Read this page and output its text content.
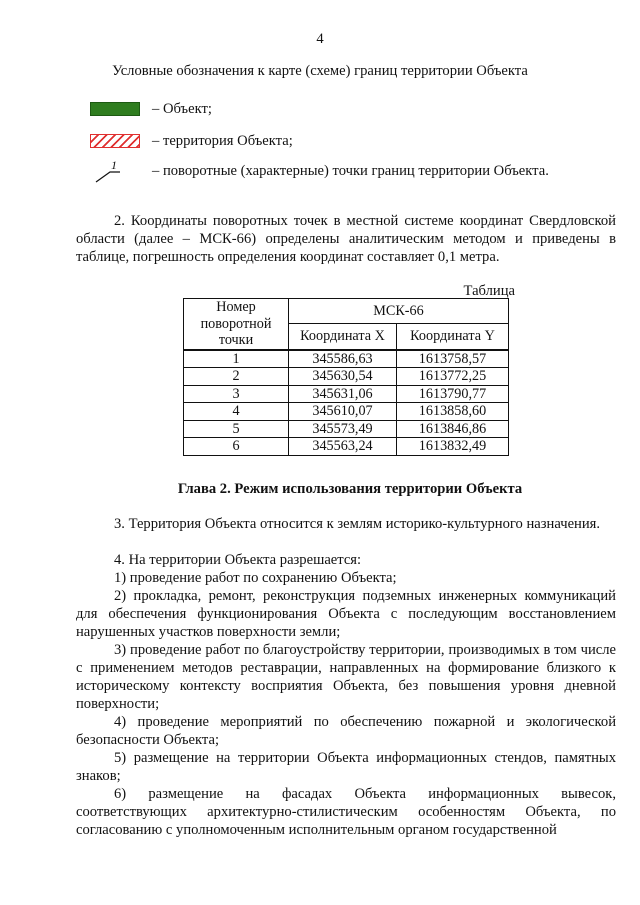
4
Условные обозначения к карте (схеме) границ территории Объекта
– Объект;
– территория Объекта;
1 – поворотные (характерные) точки границ территории Объекта.
2. Координаты поворотных точек в местной системе координат Свердловской области (далее – МСК-66) определены аналитическим методом и приведены в таблице, погрешность определения координат составляет 0,1 метра.
Таблица
Номер поворотной точки	МСК-66	
	Координата X	Координата Y
1	345586,63	1613758,57
2	345630,54	1613772,25
3	345631,06	1613790,77
4	345610,07	1613858,60
5	345573,49	1613846,86
6	345563,24	1613832,49
Глава 2. Режим использования территории Объекта
3. Территория Объекта относится к землям историко-культурного назначения.
4. На территории Объекта разрешается:
1) проведение работ по сохранению Объекта;
2) прокладка, ремонт, реконструкция подземных инженерных коммуникаций для обеспечения функционирования Объекта с последующим восстановлением нарушенных участков поверхности земли;
3) проведение работ по благоустройству территории, производимых в том числе с применением методов реставрации, направленных на формирование близкого к историческому контексту восприятия Объекта, без повышения уровня дневной поверхности;
4) проведение мероприятий по обеспечению пожарной и экологической безопасности Объекта;
5) размещение на территории Объекта информационных стендов, памятных знаков;
6) размещение на фасадах Объекта информационных вывесок, соответствующих архитектурно-стилистическим особенностям Объекта, по согласованию с уполномоченным исполнительным органом государственной
